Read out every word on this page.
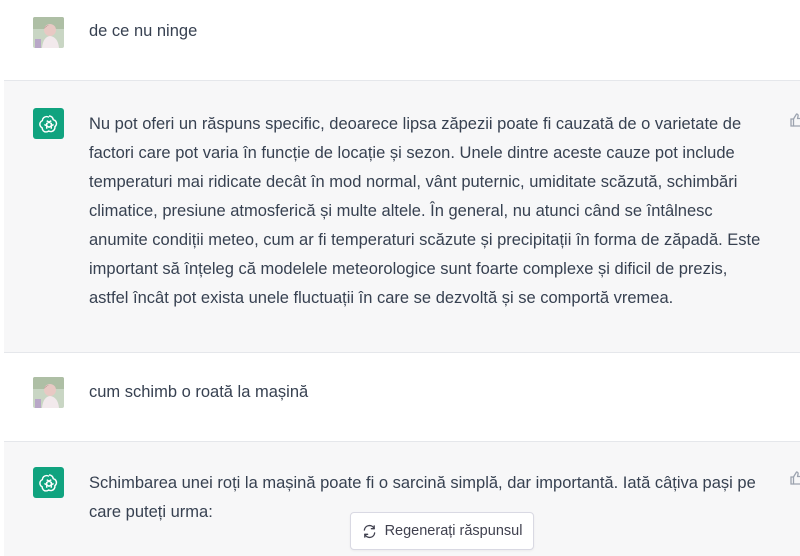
de ce nu ninge
Nu pot oferi un răspuns specific, deoarece lipsa zăpezii poate fi cauzată de o varietate de
factori care pot varia în funcție de locație și sezon. Unele dintre aceste cauze pot include
temperaturi mai ridicate decât în mod normal, vânt puternic, umiditate scăzută, schimbări
climatice, presiune atmosferică și multe altele. În general, nu atunci când se întâlnesc
anumite condiții meteo, cum ar fi temperaturi scăzute și precipitații în forma de zăpadă. Este
important să înțeleg că modelele meteorologice sunt foarte complexe și dificil de prezis,
astfel încât pot exista unele fluctuații în care se dezvoltă și se comportă vremea.
cum schimb o roată la mașină
Schimbarea unei roți la mașină poate fi o sarcină simplă, dar importantă. Iată câțiva pași pe
care puteți urma:
Regenerați răspunsul
